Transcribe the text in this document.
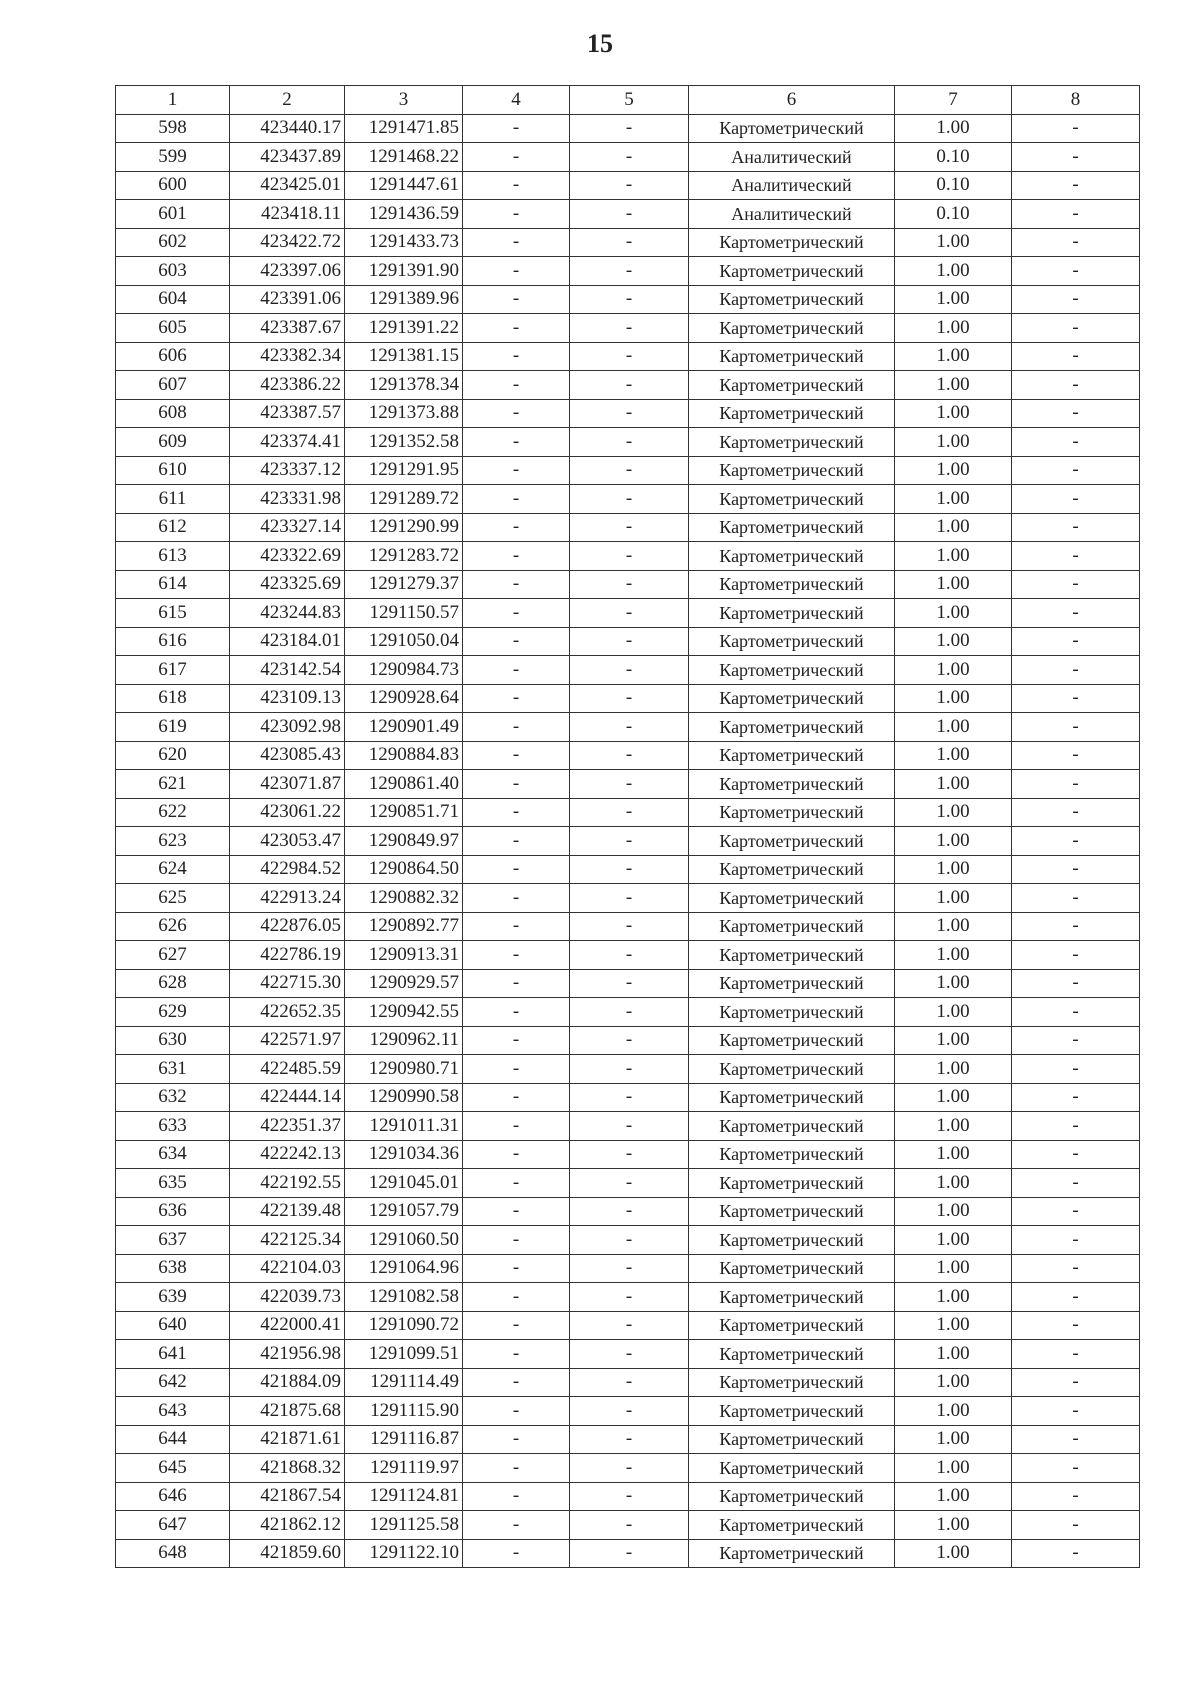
15
1	2	3	4	5	6	7	8
598	423440.17	1291471.85	-	-	Картометрический	1.00	-
599	423437.89	1291468.22	-	-	Аналитический	0.10	-
600	423425.01	1291447.61	-	-	Аналитический	0.10	-
601	423418.11	1291436.59	-	-	Аналитический	0.10	-
602	423422.72	1291433.73	-	-	Картометрический	1.00	-
603	423397.06	1291391.90	-	-	Картометрический	1.00	-
604	423391.06	1291389.96	-	-	Картометрический	1.00	-
605	423387.67	1291391.22	-	-	Картометрический	1.00	-
606	423382.34	1291381.15	-	-	Картометрический	1.00	-
607	423386.22	1291378.34	-	-	Картометрический	1.00	-
608	423387.57	1291373.88	-	-	Картометрический	1.00	-
609	423374.41	1291352.58	-	-	Картометрический	1.00	-
610	423337.12	1291291.95	-	-	Картометрический	1.00	-
611	423331.98	1291289.72	-	-	Картометрический	1.00	-
612	423327.14	1291290.99	-	-	Картометрический	1.00	-
613	423322.69	1291283.72	-	-	Картометрический	1.00	-
614	423325.69	1291279.37	-	-	Картометрический	1.00	-
615	423244.83	1291150.57	-	-	Картометрический	1.00	-
616	423184.01	1291050.04	-	-	Картометрический	1.00	-
617	423142.54	1290984.73	-	-	Картометрический	1.00	-
618	423109.13	1290928.64	-	-	Картометрический	1.00	-
619	423092.98	1290901.49	-	-	Картометрический	1.00	-
620	423085.43	1290884.83	-	-	Картометрический	1.00	-
621	423071.87	1290861.40	-	-	Картометрический	1.00	-
622	423061.22	1290851.71	-	-	Картометрический	1.00	-
623	423053.47	1290849.97	-	-	Картометрический	1.00	-
624	422984.52	1290864.50	-	-	Картометрический	1.00	-
625	422913.24	1290882.32	-	-	Картометрический	1.00	-
626	422876.05	1290892.77	-	-	Картометрический	1.00	-
627	422786.19	1290913.31	-	-	Картометрический	1.00	-
628	422715.30	1290929.57	-	-	Картометрический	1.00	-
629	422652.35	1290942.55	-	-	Картометрический	1.00	-
630	422571.97	1290962.11	-	-	Картометрический	1.00	-
631	422485.59	1290980.71	-	-	Картометрический	1.00	-
632	422444.14	1290990.58	-	-	Картометрический	1.00	-
633	422351.37	1291011.31	-	-	Картометрический	1.00	-
634	422242.13	1291034.36	-	-	Картометрический	1.00	-
635	422192.55	1291045.01	-	-	Картометрический	1.00	-
636	422139.48	1291057.79	-	-	Картометрический	1.00	-
637	422125.34	1291060.50	-	-	Картометрический	1.00	-
638	422104.03	1291064.96	-	-	Картометрический	1.00	-
639	422039.73	1291082.58	-	-	Картометрический	1.00	-
640	422000.41	1291090.72	-	-	Картометрический	1.00	-
641	421956.98	1291099.51	-	-	Картометрический	1.00	-
642	421884.09	1291114.49	-	-	Картометрический	1.00	-
643	421875.68	1291115.90	-	-	Картометрический	1.00	-
644	421871.61	1291116.87	-	-	Картометрический	1.00	-
645	421868.32	1291119.97	-	-	Картометрический	1.00	-
646	421867.54	1291124.81	-	-	Картометрический	1.00	-
647	421862.12	1291125.58	-	-	Картометрический	1.00	-
648	421859.60	1291122.10	-	-	Картометрический	1.00	-
